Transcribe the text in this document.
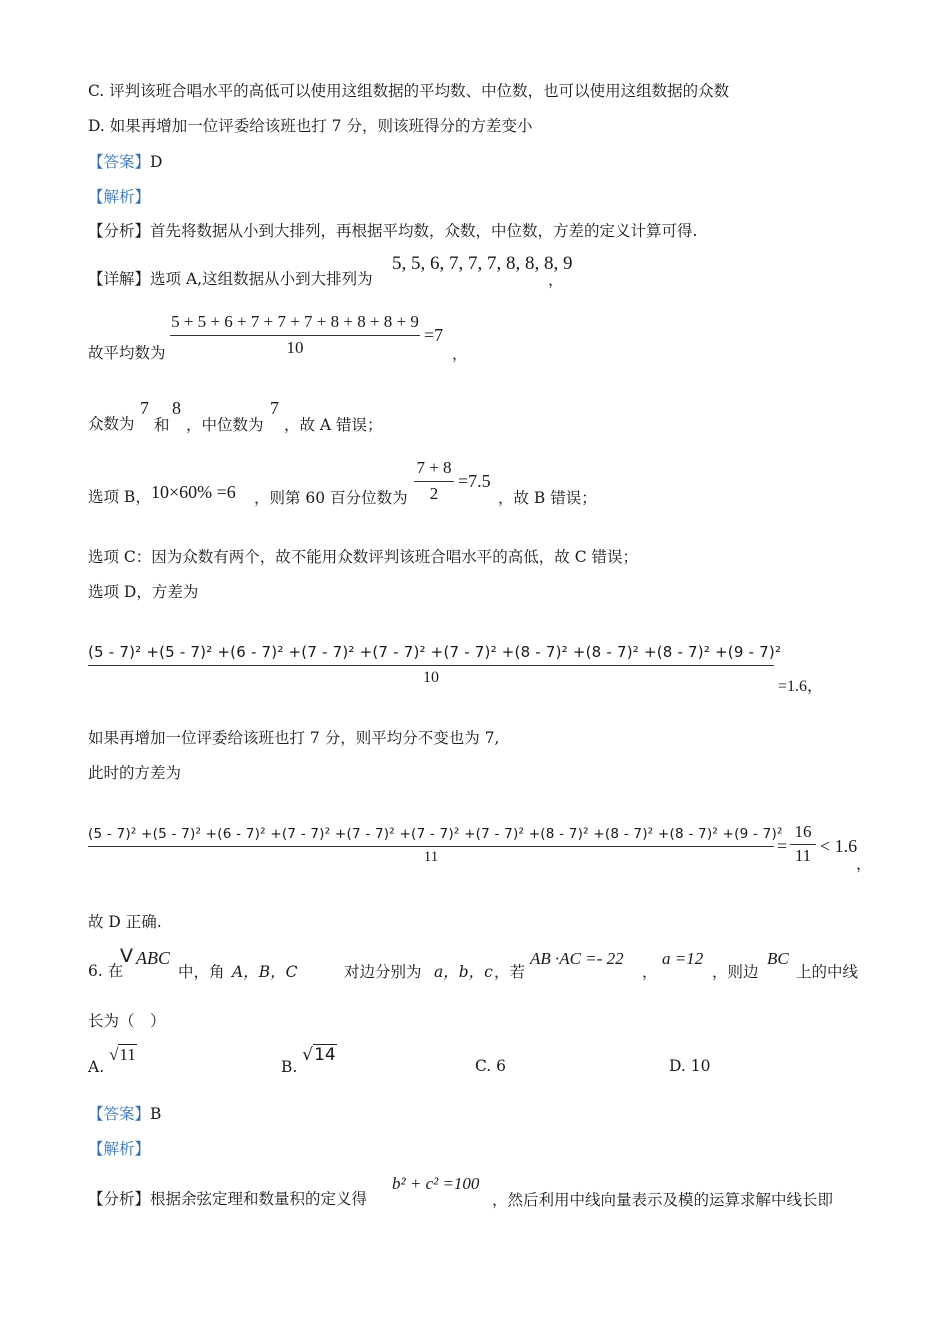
C. 评判该班合唱水平的高低可以使用这组数据的平均数、中位数，也可以使用这组数据的众数
D. 如果再增加一位评委给该班也打 7 分，则该班得分的方差变小
【答案】D
【解析】
【分析】首先将数据从小到大排列，再根据平均数，众数，中位数，方差的定义计算可得.
【详解】选项 A,这组数据从小到大排列为
5, 5, 6, 7, 7, 7, 8, 8, 8, 9
，
故平均数为
5 + 5 + 6 + 7 + 7 + 7 + 8 + 8 + 8 + 9
10
=7
，
众数为
7
和
8
，中位数为
7
，故 A 错误；
选项 B， 10×60% =6 ，则第 60 百分位数为
7 + 8
2
=7.5
，故 B 错误；
选项 C：因为众数有两个，故不能用众数评判该班合唱水平的高低，故 C 错误；
选项 D，方差为
(5 - 7)² +(5 - 7)² +(6 - 7)² +(7 - 7)² +(7 - 7)² +(7 - 7)² +(8 - 7)² +(8 - 7)² +(8 - 7)² +(9 - 7)²
10
=1.6，
如果再增加一位评委给该班也打 7 分，则平均分不变也为 7,
此时的方差为
(5 - 7)² +(5 - 7)² +(6 - 7)² +(7 - 7)² +(7 - 7)² +(7 - 7)² +(7 - 7)² +(8 - 7)² +(8 - 7)² +(8 - 7)² +(9 - 7)²
11
=
16
11 < 1.6
，
故 D 正确.
6. 在
V ABC
中，角 A，B，C	对边分别为 a，b，c ，若
AB ·AC =- 22
，
a =12
，则边
BC
上的中线
长为（　）
A. √11
B. √14
C. 6	D. 10
【答案】B
【解析】
【分析】根据余弦定理和数量积的定义得
b² + c² =100
，然后利用中线向量表示及模的运算求解中线长即
